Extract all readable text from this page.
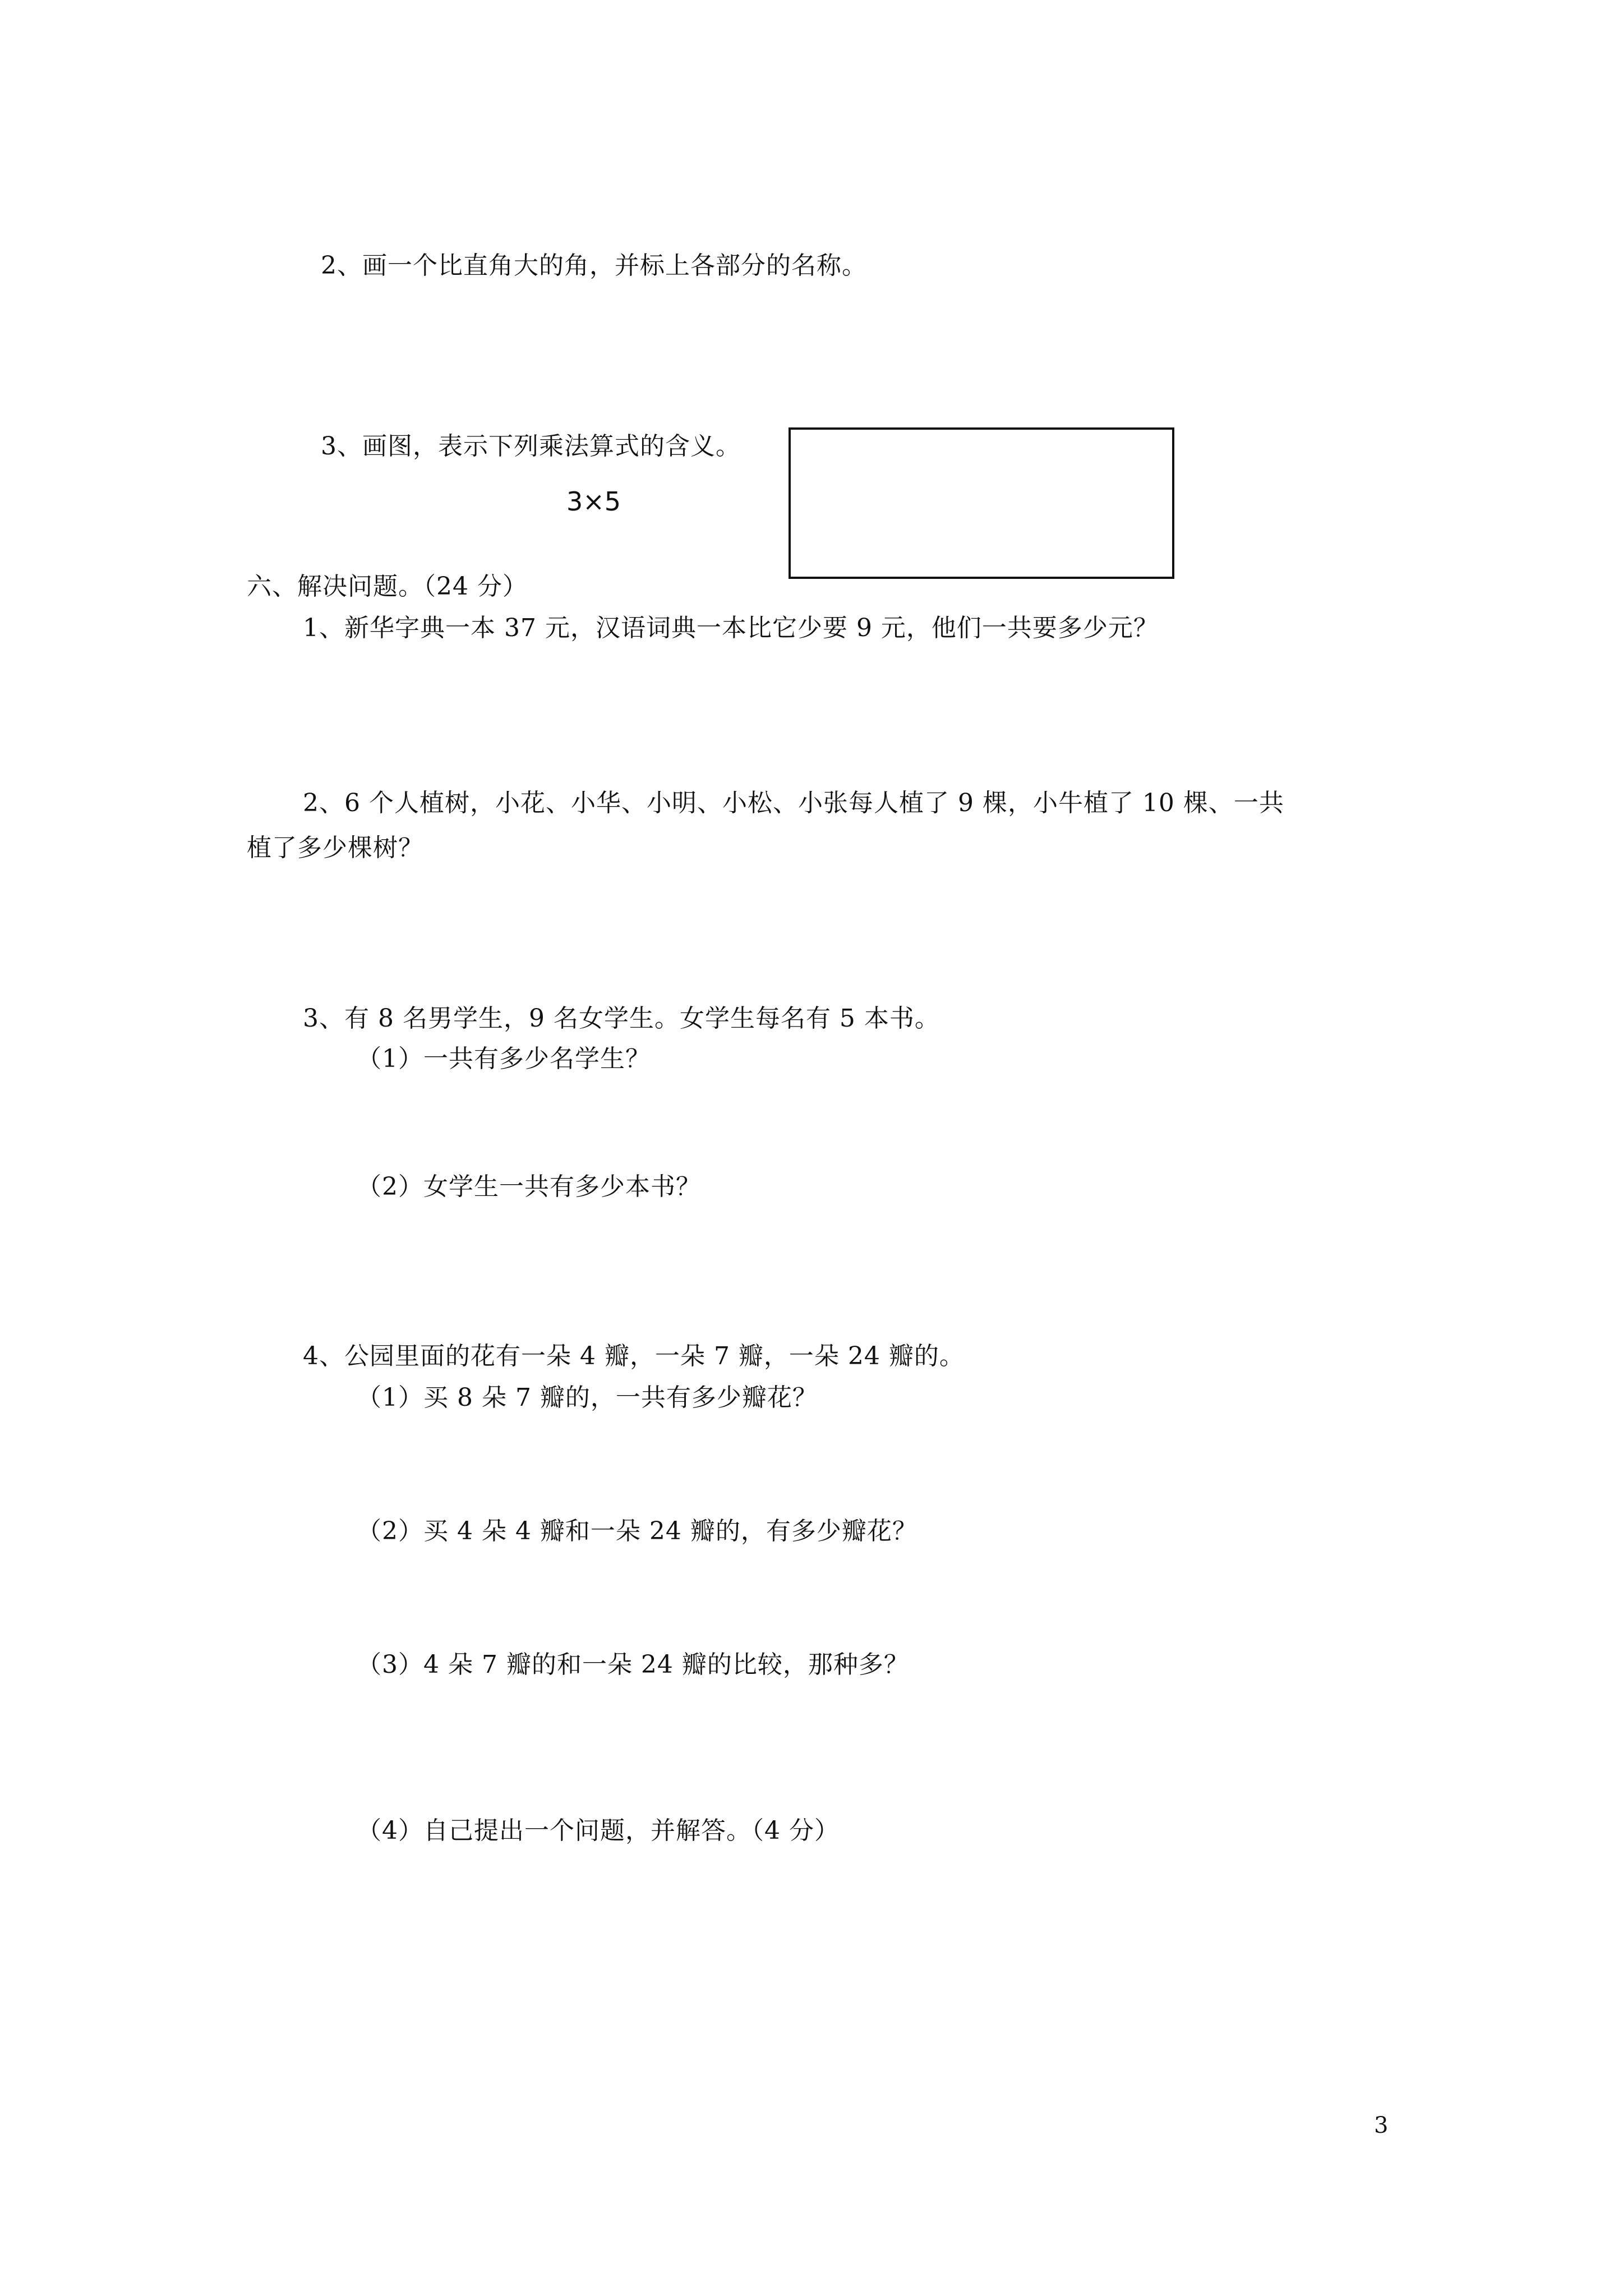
2、画一个比直角大的角，并标上各部分的名称。
3、画图，表示下列乘法算式的含义。
3×5
六、解决问题。（24 分）
1、新华字典一本 37 元，汉语词典一本比它少要 9 元，他们一共要多少元？
2、6 个人植树，小花、小华、小明、小松、小张每人植了 9 棵，小牛植了 10 棵、一共
植了多少棵树？
3、有 8 名男学生，9 名女学生。女学生每名有 5 本书。
（1）一共有多少名学生？
（2）女学生一共有多少本书？
4、公园里面的花有一朵 4 瓣，一朵 7 瓣，一朵 24 瓣的。
（1）买 8 朵 7 瓣的，一共有多少瓣花？
（2）买 4 朵 4 瓣和一朵 24 瓣的，有多少瓣花？
（3）4 朵 7 瓣的和一朵 24 瓣的比较，那种多？
（4）自己提出一个问题，并解答。（4 分）
3
